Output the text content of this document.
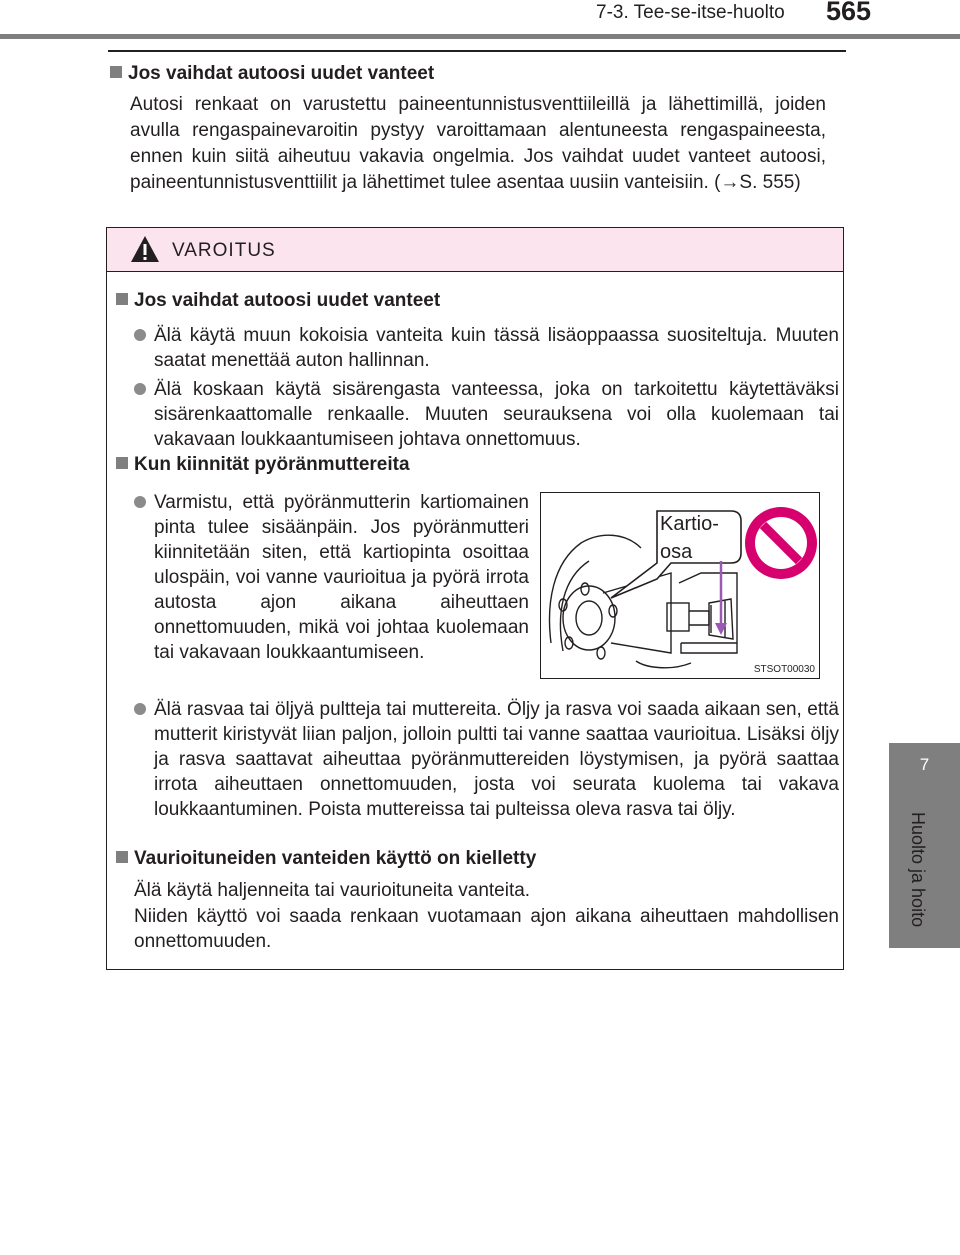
7-3. Tee-se-itse-huolto 565
7
Huolto ja hoito
Jos vaihdat autoosi uudet vanteet
Autosi renkaat on varustettu paineentunnistusventtiileillä ja lähettimillä, joiden avulla rengaspainevaroitin pystyy varoittamaan alentuneesta rengaspaineesta, ennen kuin siitä aiheutuu vakavia ongelmia. Jos vaihdat uudet vanteet autoosi, paineentunnistusventtiilit ja lähettimet tulee asentaa uusiin vanteisiin. (→S. 555)
VAROITUS
Jos vaihdat autoosi uudet vanteet
Älä käytä muun kokoisia vanteita kuin tässä lisäoppaassa suositeltuja. Muuten saatat menettää auton hallinnan.
Älä koskaan käytä sisärengasta vanteessa, joka on tarkoitettu käytettäväksi sisärenkaattomalle renkaalle. Muuten seurauksena voi olla kuolemaan tai vakavaan loukkaantumiseen johtava onnettomuus.
Kun kiinnität pyöränmuttereita
Varmistu, että pyöränmutterin kartiomainen pinta tulee sisäänpäin. Jos pyöränmutteri kiinnitetään siten, että kartiopinta osoittaa ulospäin, voi vanne vaurioitua ja pyörä irrota autosta ajon aikana aiheuttaen onnettomuuden, mikä voi johtaa kuolemaan tai vakavaan loukkaantumiseen.
Kartio-
osa
STSOT00030
Älä rasvaa tai öljyä pultteja tai muttereita. Öljy ja rasva voi saada aikaan sen, että mutterit kiristyvät liian paljon, jolloin pultti tai vanne saattaa vaurioitua. Lisäksi öljy ja rasva saattavat aiheuttaa pyöränmuttereiden löystymisen, ja pyörä saattaa irrota aiheuttaen onnettomuuden, josta voi seurata kuolema tai vakava loukkaantuminen. Poista muttereissa tai pulteissa oleva rasva tai öljy.
Vaurioituneiden vanteiden käyttö on kielletty
Älä käytä haljenneita tai vaurioituneita vanteita.
Niiden käyttö voi saada renkaan vuotamaan ajon aikana aiheuttaen mahdollisen onnettomuuden.
